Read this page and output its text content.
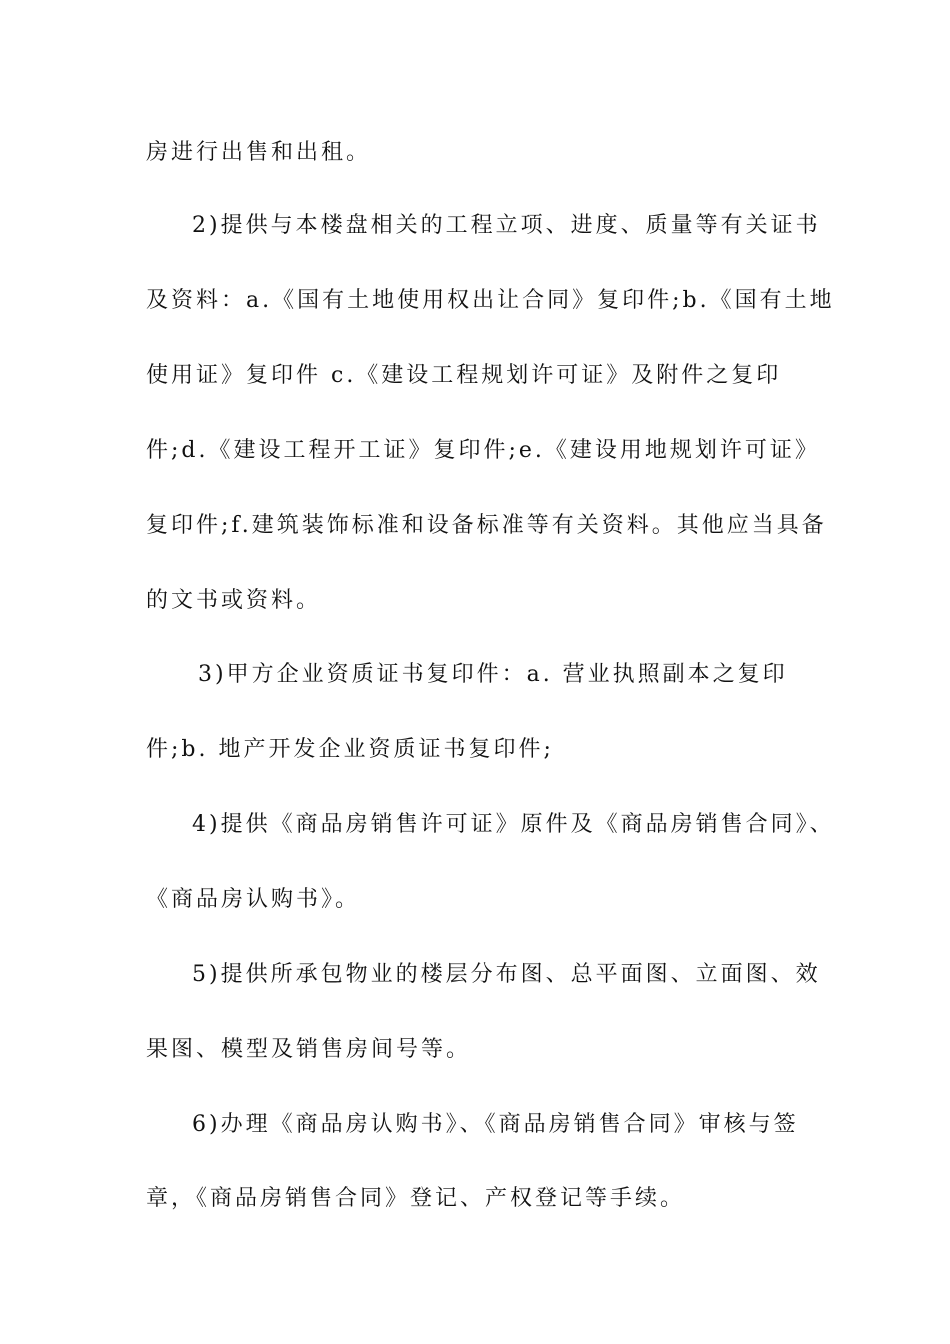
房进行出售和出租。
2)提供与本楼盘相关的工程立项、进度、质量等有关证书
及资料：a.《国有土地使用权出让合同》复印件;b.《国有土地
使用证》复印件 c.《建设工程规划许可证》及附件之复印
件;d.《建设工程开工证》复印件;e.《建设用地规划许可证》
复印件;f.建筑装饰标准和设备标准等有关资料。其他应当具备
的文书或资料。
3)甲方企业资质证书复印件：a. 营业执照副本之复印
件;b. 地产开发企业资质证书复印件;
4)提供《商品房销售许可证》原件及《商品房销售合同》、
《商品房认购书》。
5)提供所承包物业的楼层分布图、总平面图、立面图、效
果图、模型及销售房间号等。
6)办理《商品房认购书》、《商品房销售合同》审核与签
章，《商品房销售合同》登记、产权登记等手续。
